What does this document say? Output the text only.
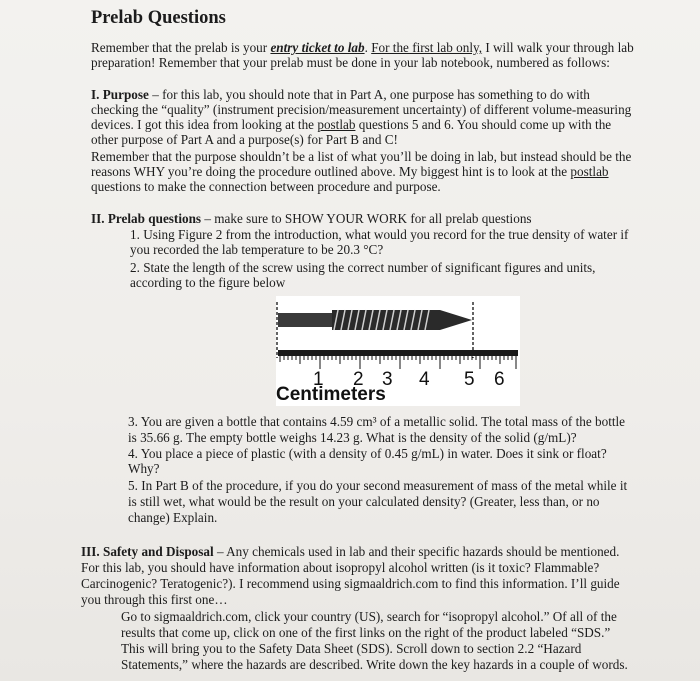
Prelab Questions
Remember that the prelab is your entry ticket to lab. For the first lab only, I will walk your through lab
preparation! Remember that your prelab must be done in your lab notebook, numbered as follows:
I. Purpose – for this lab, you should note that in Part A, one purpose has something to do with
checking the “quality” (instrument precision/measurement uncertainty) of different volume-measuring
devices. I got this idea from looking at the postlab questions 5 and 6. You should come up with the
other purpose of Part A and a purpose(s) for Part B and C!
Remember that the purpose shouldn’t be a list of what you’ll be doing in lab, but instead should be the
reasons WHY you’re doing the procedure outlined above. My biggest hint is to look at the postlab
questions to make the connection between procedure and purpose.
II. Prelab questions – make sure to SHOW YOUR WORK for all prelab questions
1. Using Figure 2 from the introduction, what would you record for the true density of water if
you recorded the lab temperature to be 20.3 °C?
2. State the length of the screw using the correct number of significant figures and units,
according to the figure below
1 2 3 4 5 6
Centimeters
3. You are given a bottle that contains 4.59 cm³ of a metallic solid. The total mass of the bottle
is 35.66 g. The empty bottle weighs 14.23 g. What is the density of the solid (g/mL)?
4. You place a piece of plastic (with a density of 0.45 g/mL) in water. Does it sink or float?
Why?
5. In Part B of the procedure, if you do your second measurement of mass of the metal while it
is still wet, what would be the result on your calculated density? (Greater, less than, or no
change) Explain.
III. Safety and Disposal – Any chemicals used in lab and their specific hazards should be mentioned.
For this lab, you should have information about isopropyl alcohol written (is it toxic? Flammable?
Carcinogenic? Teratogenic?). I recommend using sigmaaldrich.com to find this information. I’ll guide
you through this first one…
Go to sigmaaldrich.com, click your country (US), search for “isopropyl alcohol.” Of all of the
results that come up, click on one of the first links on the right of the product labeled “SDS.”
This will bring you to the Safety Data Sheet (SDS). Scroll down to section 2.2 “Hazard
Statements,” where the hazards are described. Write down the key hazards in a couple of words.
